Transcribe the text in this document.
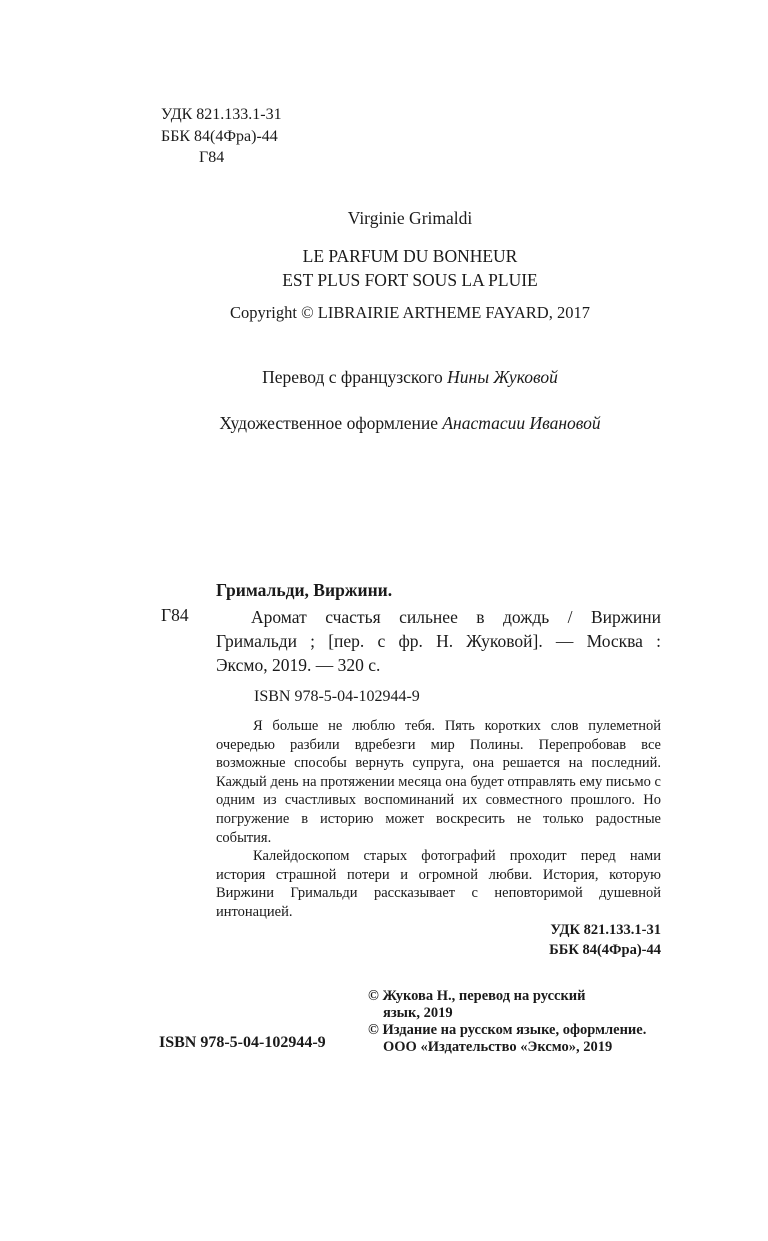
УДК 821.133.1-31
ББК 84(4Фра)-44
Г84
Virginie Grimaldi
LE PARFUM DU BONHEUR
EST PLUS FORT SOUS LA PLUIE
Copyright © LIBRAIRIE ARTHEME FAYARD, 2017
Перевод с французского Нины Жуковой
Художественное оформление Анастасии Ивановой
Гримальди, Виржини.
Г84	Аромат счастья сильнее в дождь / Виржини
Гримальди ; [пер. с фр. Н. Жуковой]. — Москва :
Эксмо, 2019. — 320 с.
ISBN 978-5-04-102944-9

Я больше не люблю тебя. Пять коротких слов пулеметной очередью разбили вдребезги мир Полины. Перепробовав все возможные способы вернуть супруга, она решается на последний. Каждый день на протяжении месяца она будет отправлять ему письмо с одним из счастливых воспоминаний их совместного прошлого. Но погружение в историю может воскресить не только радостные события.

Калейдоскопом старых фотографий проходит перед нами история страшной потери и огромной любви. История, которую Виржини Гримальди рассказывает с неповторимой душевной интонацией.

УДК 821.133.1-31
ББК 84(4Фра)-44
ISBN 978-5-04-102944-9
© Жукова Н., перевод на русский
язык, 2019
© Издание на русском языке, оформление.
ООО «Издательство «Эксмо», 2019
